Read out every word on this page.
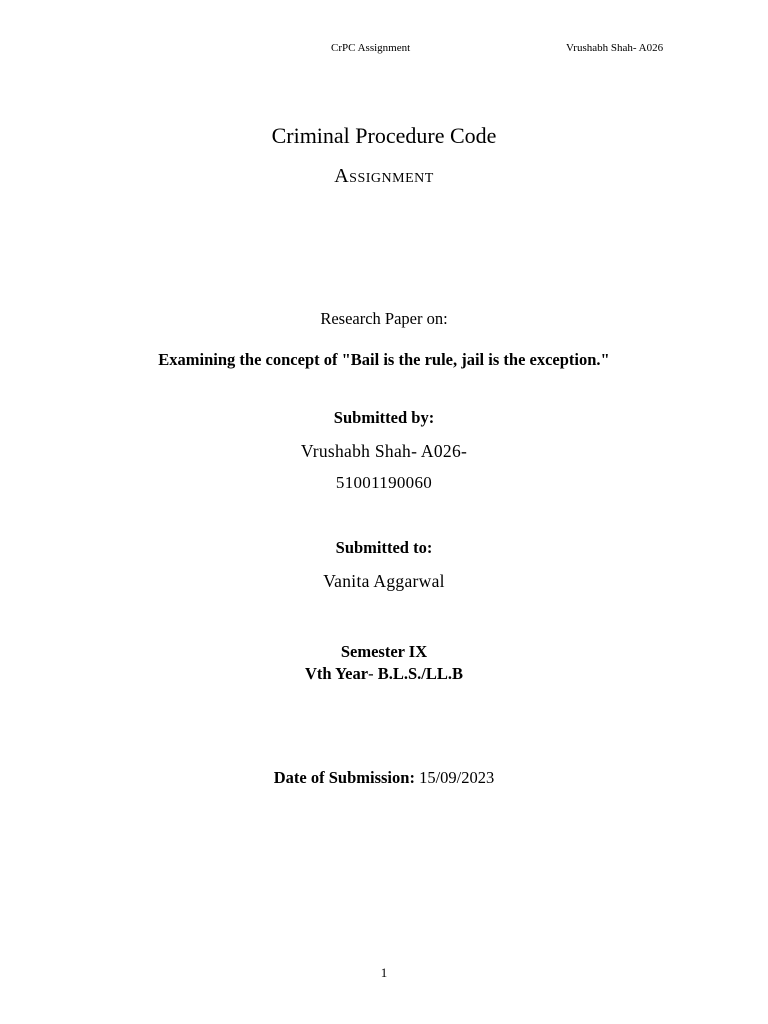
CrPC Assignment	Vrushabh Shah- A026
Criminal Procedure Code
Assignment
Research Paper on:
Examining the concept of "Bail is the rule, jail is the exception."
Submitted by:
Vrushabh Shah- A026-
51001190060
Submitted to:
Vanita Aggarwal
Semester IX
Vth Year- B.L.S./LL.B
Date of Submission: 15/09/2023
1
